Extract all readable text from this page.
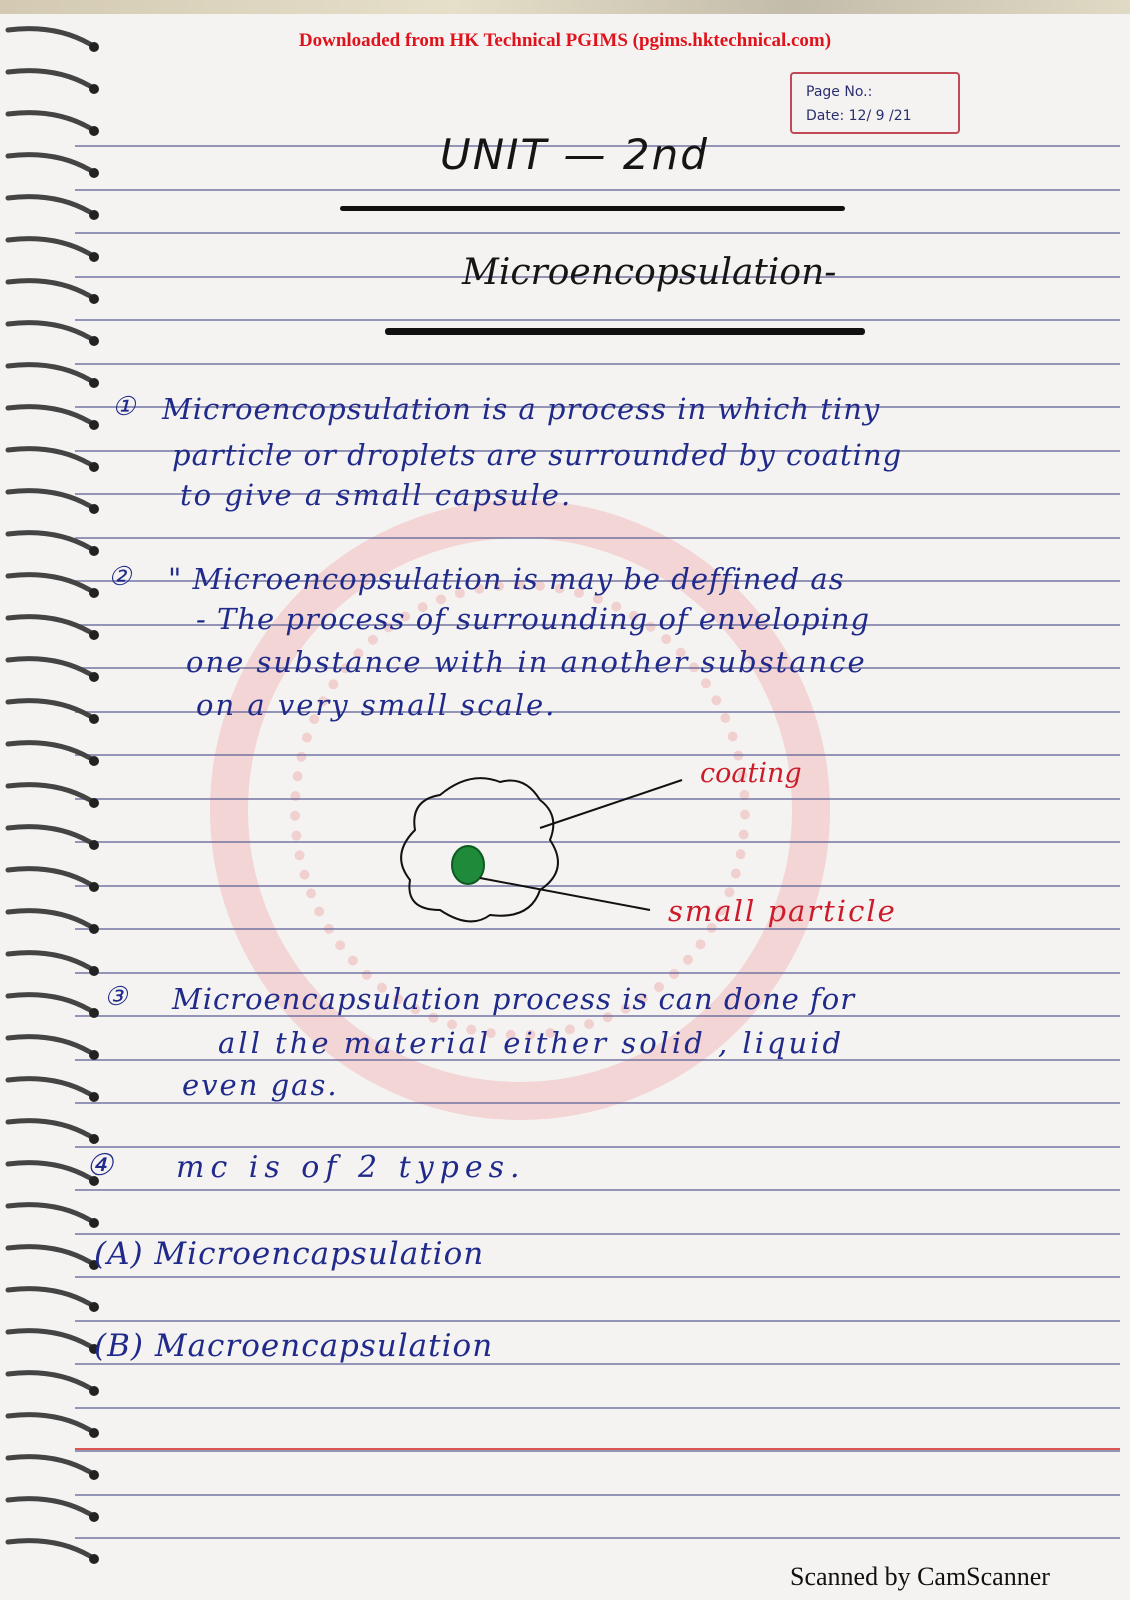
Downloaded from HK Technical PGIMS (pgims.hktechnical.com)
Page No.:
Date: 12/ 9 /21
UNIT — 2nd
Microencopsulation-
① Microencopsulation is a process in which tiny
particle or droplets are surrounded by coating
to give a small capsule.
② " Microencopsulation is may be deffined as
- The process of surrounding of enveloping
one substance with in another substance
on a very small scale.
coating
small particle
③ Microencapsulation process is can done for
all the material either solid , liquid
even gas.
④ mc is of 2 types.
(A) Microencapsulation
(B) Macroencapsulation
Scanned by CamScanner
